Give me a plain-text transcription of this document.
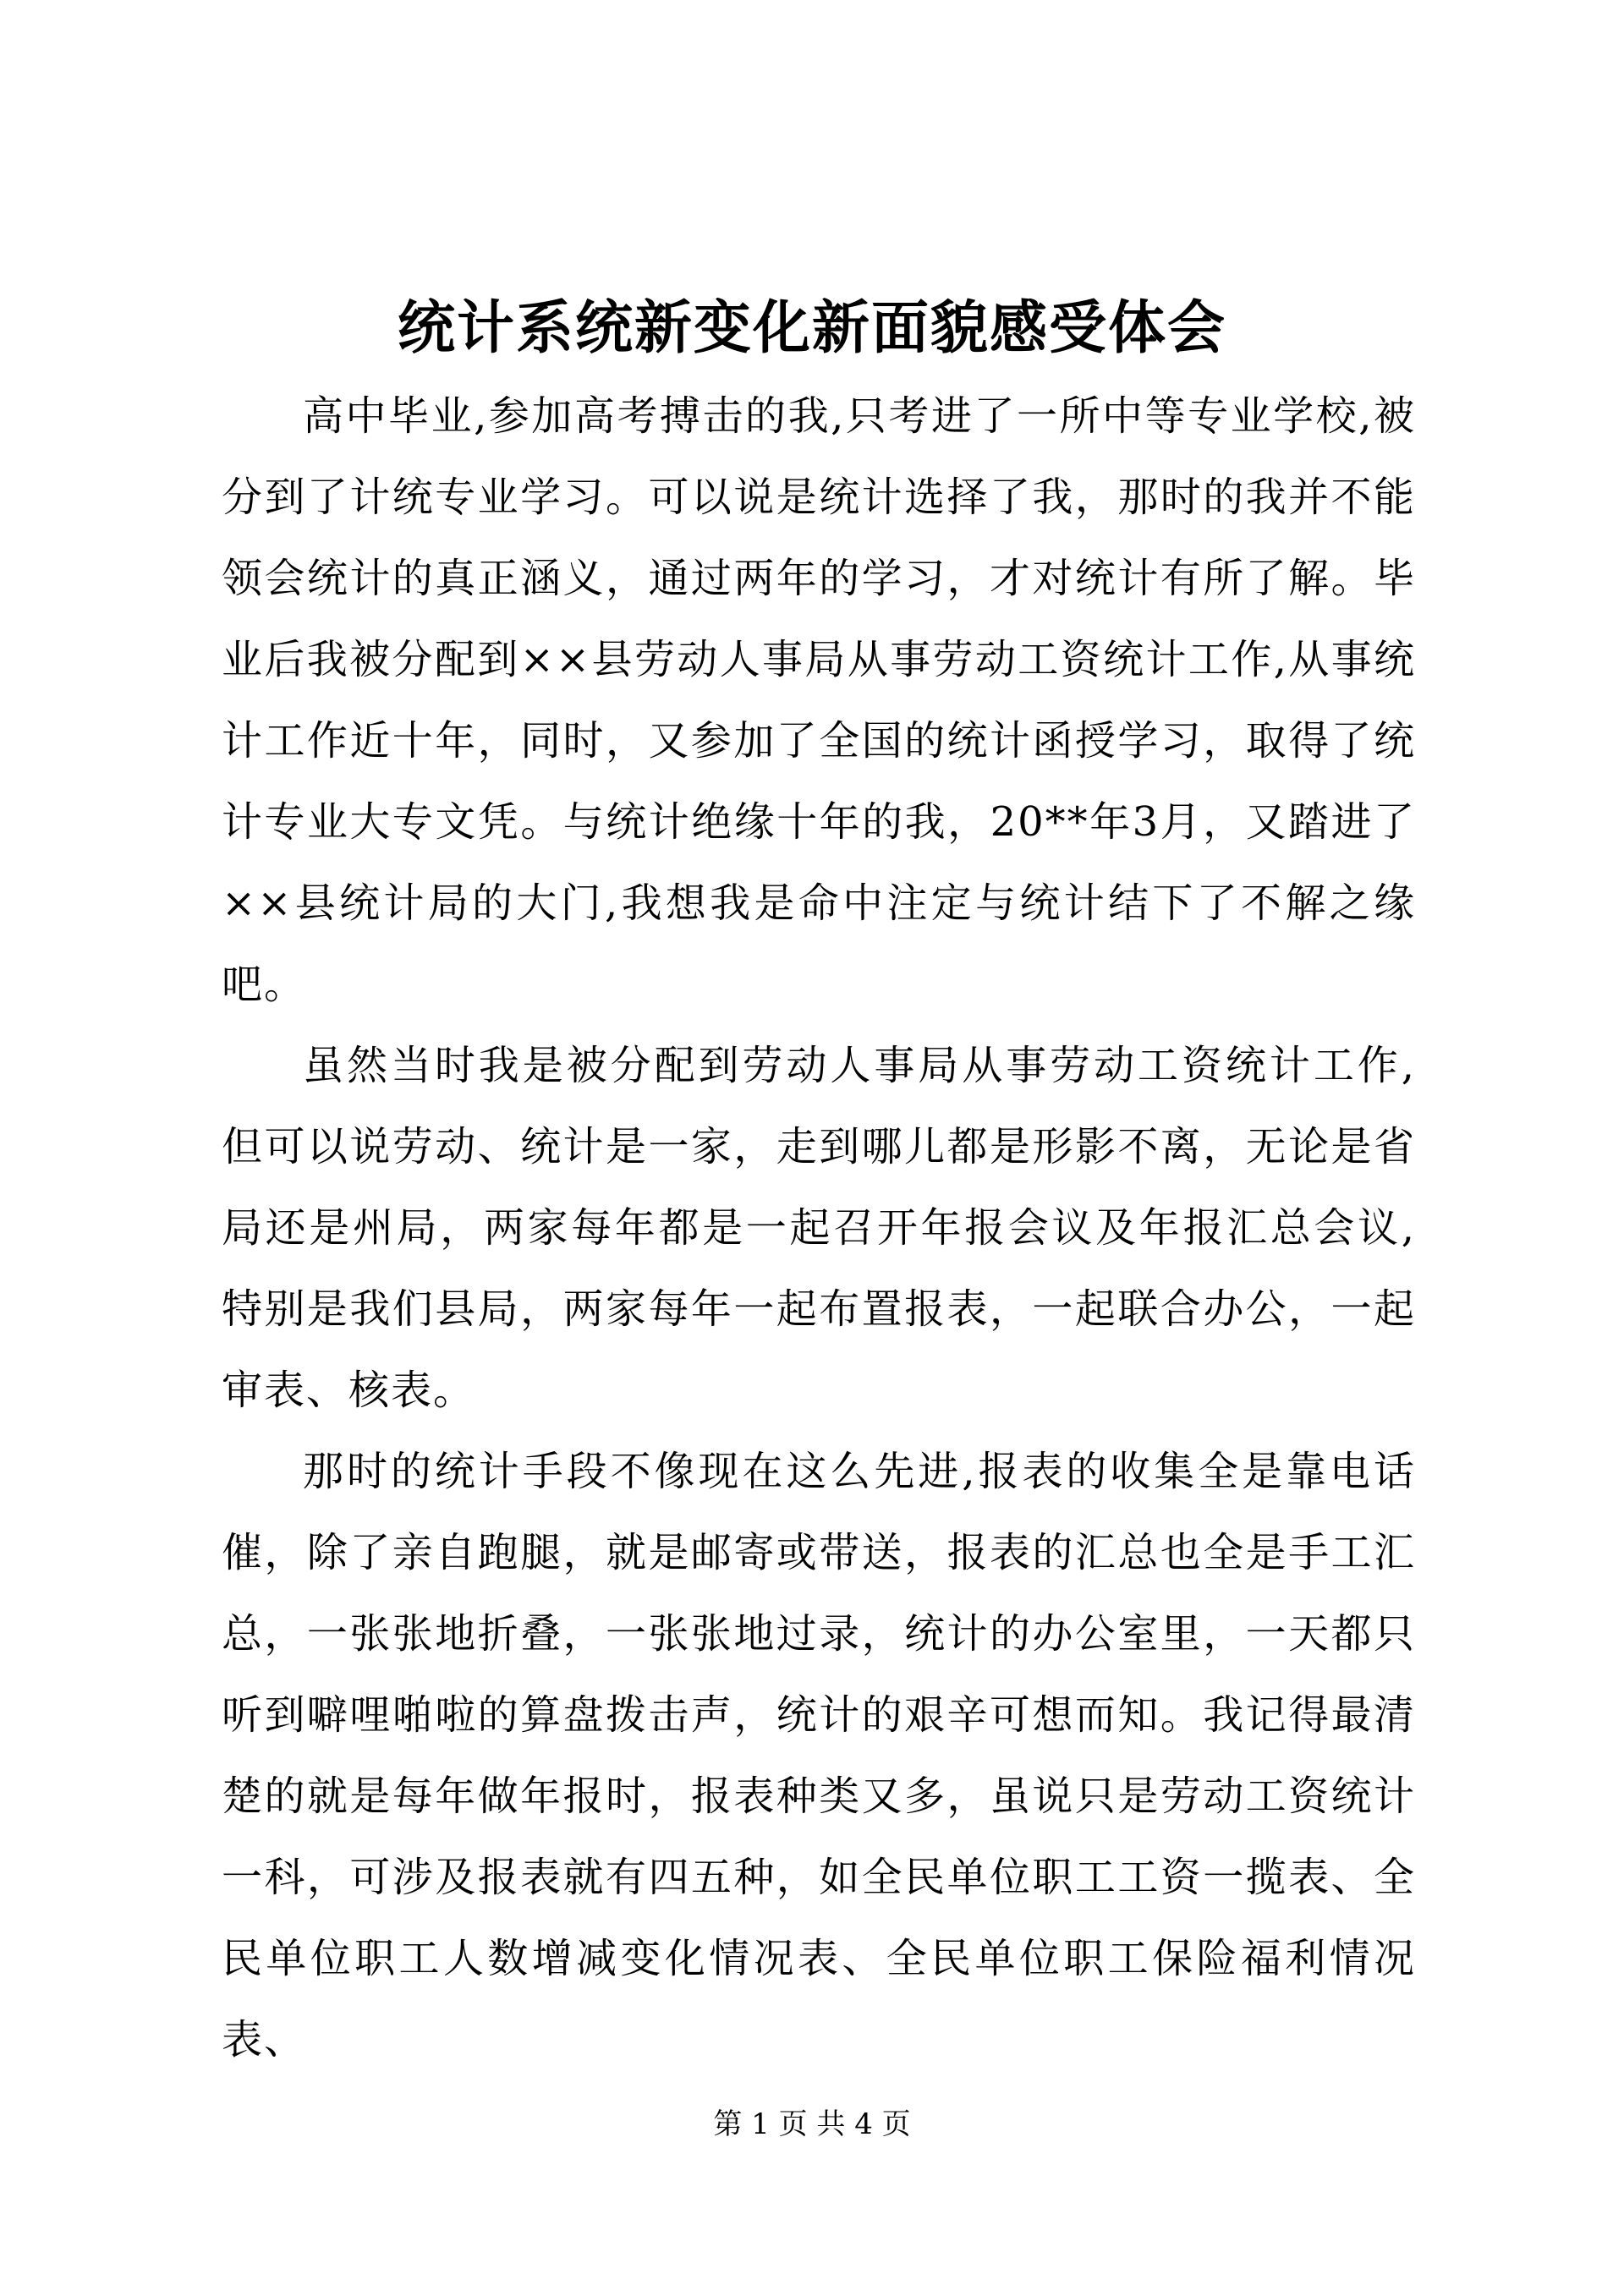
统计系统新变化新面貌感受体会

高中毕业,参加高考搏击的我,只考进了一所中等专业学校,被分到了计统专业学习。可以说是统计选择了我，那时的我并不能领会统计的真正涵义，通过两年的学习，才对统计有所了解。毕业后我被分配到××县劳动人事局从事劳动工资统计工作,从事统计工作近十年，同时，又参加了全国的统计函授学习，取得了统计专业大专文凭。与统计绝缘十年的我，20**年3月，又踏进了××县统计局的大门,我想我是命中注定与统计结下了不解之缘吧。

虽然当时我是被分配到劳动人事局从事劳动工资统计工作,但可以说劳动、统计是一家，走到哪儿都是形影不离，无论是省局还是州局，两家每年都是一起召开年报会议及年报汇总会议,特别是我们县局，两家每年一起布置报表，一起联合办公，一起审表、核表。

那时的统计手段不像现在这么先进,报表的收集全是靠电话催，除了亲自跑腿，就是邮寄或带送，报表的汇总也全是手工汇总，一张张地折叠，一张张地过录，统计的办公室里，一天都只听到噼哩啪啦的算盘拨击声，统计的艰辛可想而知。我记得最清楚的就是每年做年报时，报表种类又多，虽说只是劳动工资统计一科，可涉及报表就有四五种，如全民单位职工工资一揽表、全民单位职工人数增减变化情况表、全民单位职工保险福利情况表、

第 1 页 共 4 页
